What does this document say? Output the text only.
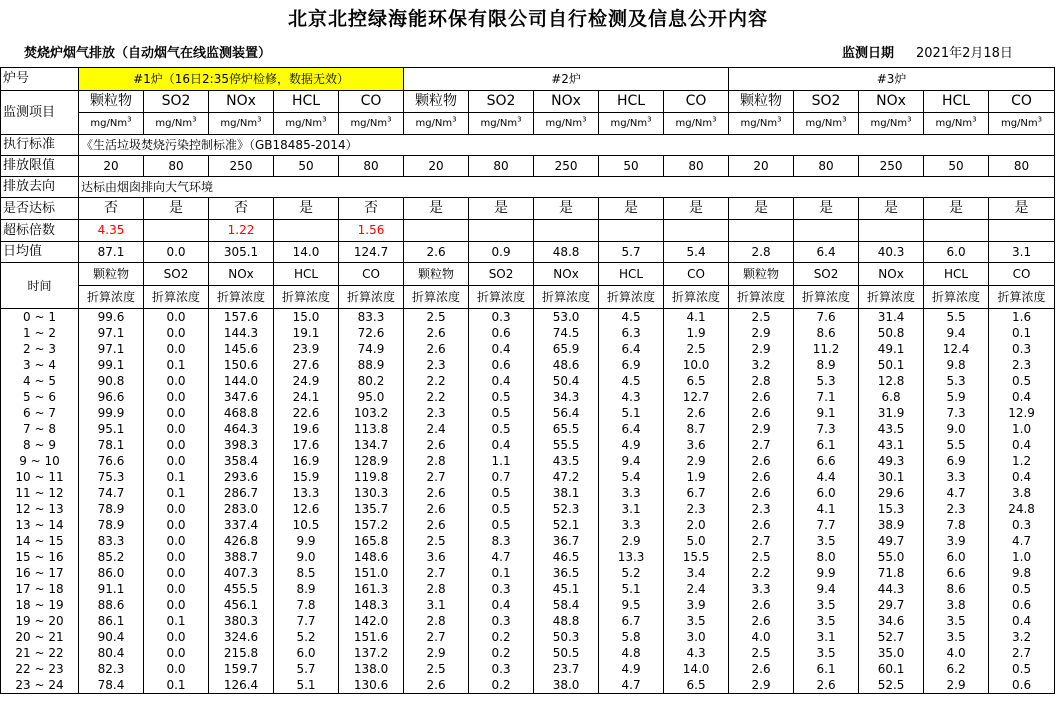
北京北控绿海能环保有限公司自行检测及信息公开内容
焚烧炉烟气排放（自动烟气在线监测装置）	监测日期 2021年2月18日
炉号	#1炉（16日2:35停炉检修，数据无效）					#2炉					#3炉				
监测项目	颗粒物	SO2	NOx	HCL	CO	颗粒物	SO2	NOx	HCL	CO	颗粒物	SO2	NOx	HCL	CO
	mg/Nm$^3$	mg/Nm$^3$	mg/Nm$^3$	mg/Nm$^3$	mg/Nm$^3$	mg/Nm$^3$	mg/Nm$^3$	mg/Nm$^3$	mg/Nm$^3$	mg/Nm$^3$	mg/Nm$^3$	mg/Nm$^3$	mg/Nm$^3$	mg/Nm$^3$	mg/Nm$^3$
执行标准	《生活垃圾焚烧污染控制标准》（GB18485-2014）														
排放限值	20	80	250	50	80	20	80	250	50	80	20	80	250	50	80
排放去向	达标由烟囱排向大气环境														
是否达标	否	是	否	是	否	是	是	是	是	是	是	是	是	是	是
超标倍数	4.35		1.22		1.56										
日均值	87.1	0.0	305.1	14.0	124.7	2.6	0.9	48.8	5.7	5.4	2.8	6.4	40.3	6.0	3.1
时间	颗粒物	SO2	NOx	HCL	CO	颗粒物	SO2	NOx	HCL	CO	颗粒物	SO2	NOx	HCL	CO
	折算浓度	折算浓度	折算浓度	折算浓度	折算浓度	折算浓度	折算浓度	折算浓度	折算浓度	折算浓度	折算浓度	折算浓度	折算浓度	折算浓度	折算浓度
0 ~ 1	99.6	0.0	157.6	15.0	83.3	2.5	0.3	53.0	4.5	4.1	2.5	7.6	31.4	5.5	1.6
1 ~ 2	97.1	0.0	144.3	19.1	72.6	2.6	0.6	74.5	6.3	1.9	2.9	8.6	50.8	9.4	0.1
2 ~ 3	97.1	0.0	145.6	23.9	74.9	2.6	0.4	65.9	6.4	2.5	2.9	11.2	49.1	12.4	0.3
3 ~ 4	99.1	0.1	150.6	27.6	88.9	2.3	0.6	48.6	6.9	10.0	3.2	8.9	50.1	9.8	2.3
4 ~ 5	90.8	0.0	144.0	24.9	80.2	2.2	0.4	50.4	4.5	6.5	2.8	5.3	12.8	5.3	0.5
5 ~ 6	96.6	0.0	347.6	24.1	95.0	2.2	0.5	34.3	4.3	12.7	2.6	7.1	6.8	5.9	0.4
6 ~ 7	99.9	0.0	468.8	22.6	103.2	2.3	0.5	56.4	5.1	2.6	2.6	9.1	31.9	7.3	12.9
7 ~ 8	95.1	0.0	464.3	19.6	113.8	2.4	0.5	65.5	6.4	8.7	2.9	7.3	43.5	9.0	1.0
8 ~ 9	78.1	0.0	398.3	17.6	134.7	2.6	0.4	55.5	4.9	3.6	2.7	6.1	43.1	5.5	0.4
9 ~ 10	76.6	0.0	358.4	16.9	128.9	2.8	1.1	43.5	9.4	2.9	2.6	6.6	49.3	6.9	1.2
10 ~ 11	75.3	0.1	293.6	15.9	119.8	2.7	0.7	47.2	5.4	1.9	2.6	4.4	30.1	3.3	0.4
11 ~ 12	74.7	0.1	286.7	13.3	130.3	2.6	0.5	38.1	3.3	6.7	2.6	6.0	29.6	4.7	3.8
12 ~ 13	78.9	0.0	283.0	12.6	135.7	2.6	0.5	52.3	3.1	2.3	2.3	4.1	15.3	2.3	24.8
13 ~ 14	78.9	0.0	337.4	10.5	157.2	2.6	0.5	52.1	3.3	2.0	2.6	7.7	38.9	7.8	0.3
14 ~ 15	83.3	0.0	426.8	9.9	165.8	2.5	8.3	36.7	2.9	5.0	2.7	3.5	49.7	3.9	4.7
15 ~ 16	85.2	0.0	388.7	9.0	148.6	3.6	4.7	46.5	13.3	15.5	2.5	8.0	55.0	6.0	1.0
16 ~ 17	86.0	0.0	407.3	8.5	151.0	2.7	0.1	36.5	5.2	3.4	2.2	9.9	71.8	6.6	9.8
17 ~ 18	91.1	0.0	455.5	8.9	161.3	2.8	0.3	45.1	5.1	2.4	3.3	9.4	44.3	8.6	0.5
18 ~ 19	88.6	0.0	456.1	7.8	148.3	3.1	0.4	58.4	9.5	3.9	2.6	3.5	29.7	3.8	0.6
19 ~ 20	86.1	0.1	380.3	7.7	142.0	2.8	0.3	48.8	6.7	3.5	2.6	3.5	34.6	3.5	0.4
20 ~ 21	90.4	0.0	324.6	5.2	151.6	2.7	0.2	50.3	5.8	3.0	4.0	3.1	52.7	3.5	3.2
21 ~ 22	80.4	0.0	215.8	6.0	137.2	2.9	0.2	50.5	4.8	4.3	2.5	3.5	35.0	4.0	2.7
22 ~ 23	82.3	0.0	159.7	5.7	138.0	2.5	0.3	23.7	4.9	14.0	2.6	6.1	60.1	6.2	0.5
23 ~ 24	78.4	0.1	126.4	5.1	130.6	2.6	0.2	38.0	4.7	6.5	2.9	2.6	52.5	2.9	0.6
